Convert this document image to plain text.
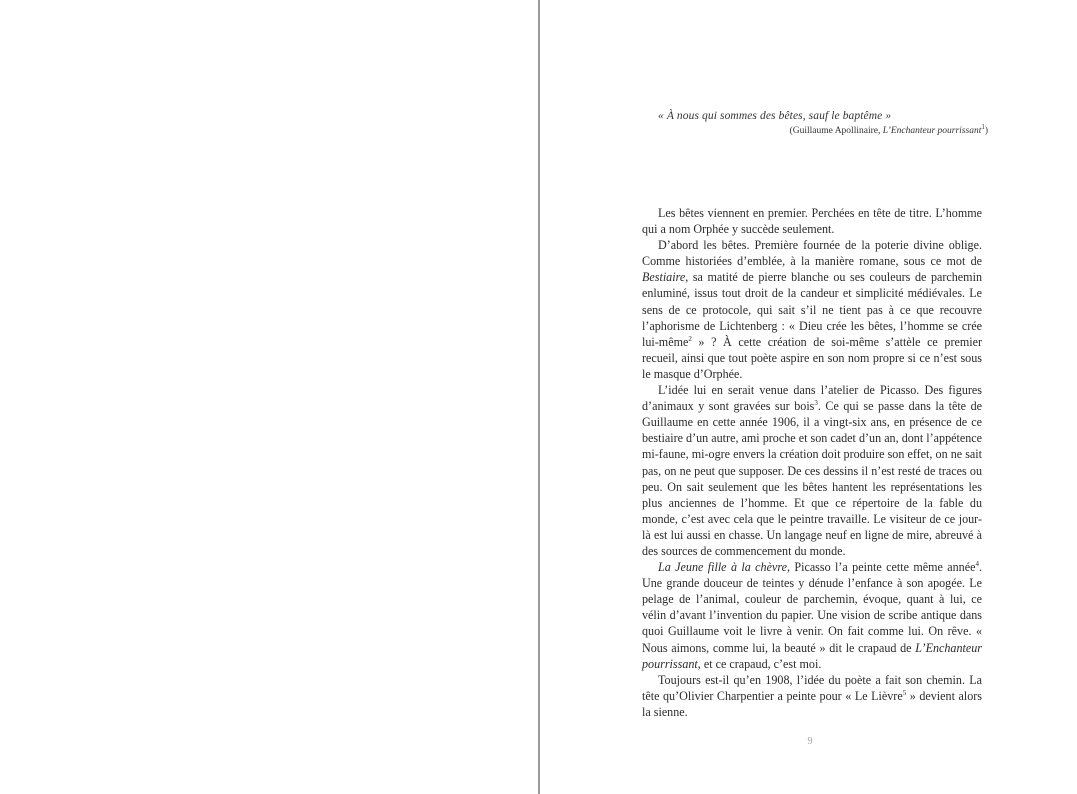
« À nous qui sommes des bêtes, sauf le baptême »
(Guillaume Apollinaire, L’Enchanteur pourrissant$^1$)

Les bêtes viennent en premier. Perchées en tête de titre. L’homme qui a nom Orphée y succède seulement.

D’abord les bêtes. Première fournée de la poterie divine oblige. Comme historiées d’emblée, à la manière romane, sous ce mot de Bestiaire, sa matité de pierre blanche ou ses couleurs de parchemin enluminé, issus tout droit de la candeur et simplicité médiévales. Le sens de ce protocole, qui sait s’il ne tient pas à ce que recouvre l’aphorisme de Lichtenberg : « Dieu crée les bêtes, l’homme se crée lui-même$^2$ » ? À cette création de soi-même s’attèle ce premier recueil, ainsi que tout poète aspire en son nom propre si ce n’est sous le masque d’Orphée.

L’idée lui en serait venue dans l’atelier de Picasso. Des figures d’animaux y sont gravées sur bois$^3$. Ce qui se passe dans la tête de Guillaume en cette année 1906, il a vingt-six ans, en présence de ce bestiaire d’un autre, ami proche et son cadet d’un an, dont l’appétence mi-faune, mi-ogre envers la création doit produire son effet, on ne sait pas, on ne peut que supposer. De ces dessins il n’est resté de traces ou peu. On sait seulement que les bêtes hantent les représentations les plus anciennes de l’homme. Et que ce répertoire de la fable du monde, c’est avec cela que le peintre travaille. Le visiteur de ce jour-là est lui aussi en chasse. Un langage neuf en ligne de mire, abreuvé à des sources de commencement du monde.

La Jeune fille à la chèvre, Picasso l’a peinte cette même année$^4$. Une grande douceur de teintes y dénude l’enfance à son apogée. Le pelage de l’animal, couleur de parchemin, évoque, quant à lui, ce vélin d’avant l’invention du papier. Une vision de scribe antique dans quoi Guillaume voit le livre à venir. On fait comme lui. On rêve. « Nous aimons, comme lui, la beauté » dit le crapaud de L’Enchanteur pourrissant, et ce crapaud, c’est moi.

Toujours est-il qu’en 1908, l’idée du poète a fait son chemin. La tête qu’Olivier Charpentier a peinte pour « Le Lièvre$^5$ » devient alors la sienne.

9
